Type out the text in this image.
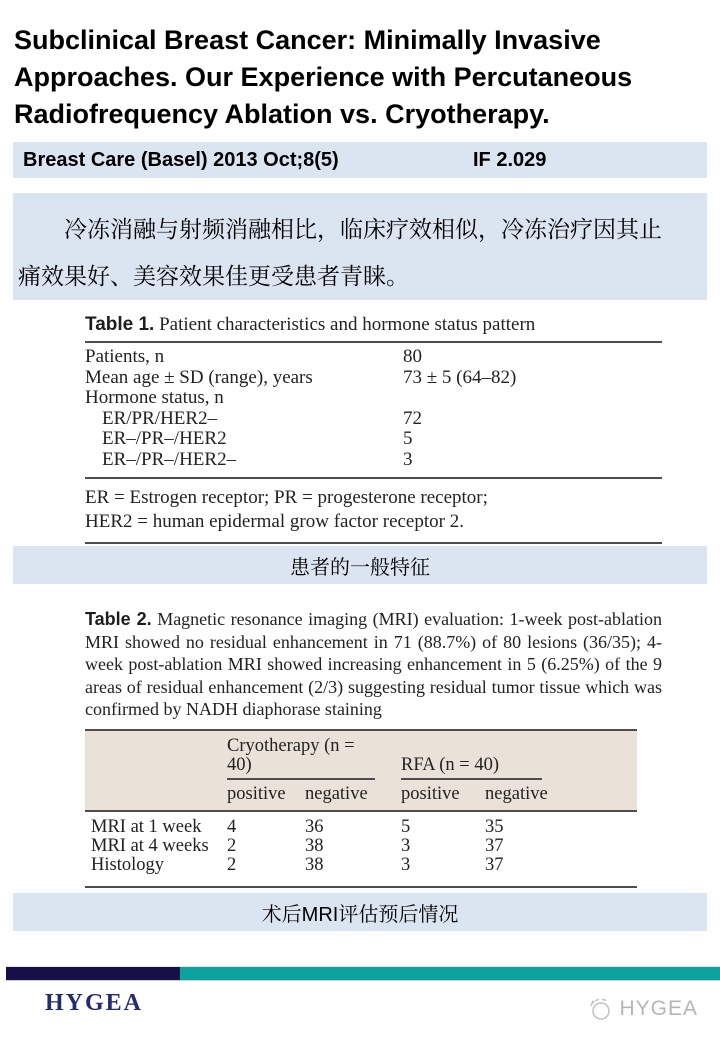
Subclinical Breast Cancer: Minimally Invasive
Approaches. Our Experience with Percutaneous
Radiofrequency Ablation vs. Cryotherapy.
Breast Care (Basel) 2013 Oct;8(5)	IF 2.029

冷冻消融与射频消融相比，临床疗效相似，冷冻治疗因其止痛效果好、美容效果佳更受患者青睐。

Table 1. Patient characteristics and hormone status pattern
Patients, n	80
Mean age ± SD (range), years	73 ± 5 (64–82)
Hormone status, n
ER/PR/HER2–	72
ER–/PR–/HER2	5
ER–/PR–/HER2–	3
ER = Estrogen receptor; PR = progesterone receptor;
HER2 = human epidermal grow factor receptor 2.
患者的一般特征
Table 2. Magnetic resonance imaging (MRI) evaluation: 1-week post-ablation MRI showed no residual enhancement in 71 (88.7%) of 80 lesions (36/35); 4-week post-ablation MRI showed increasing enhancement in 5 (6.25%) of the 9 areas of residual enhancement (2/3) suggesting residual tumor tissue which was confirmed by NADH diaphorase staining

	Cryotherapy (n = 40)		RFA (n = 40)	

	positive	negative	positive	negative
MRI at 1 week	4	36	5	35
MRI at 4 weeks	2	38	3	37
Histology	2	38	3	37
术后MRI评估预后情况
HYGEA	HYGEA
